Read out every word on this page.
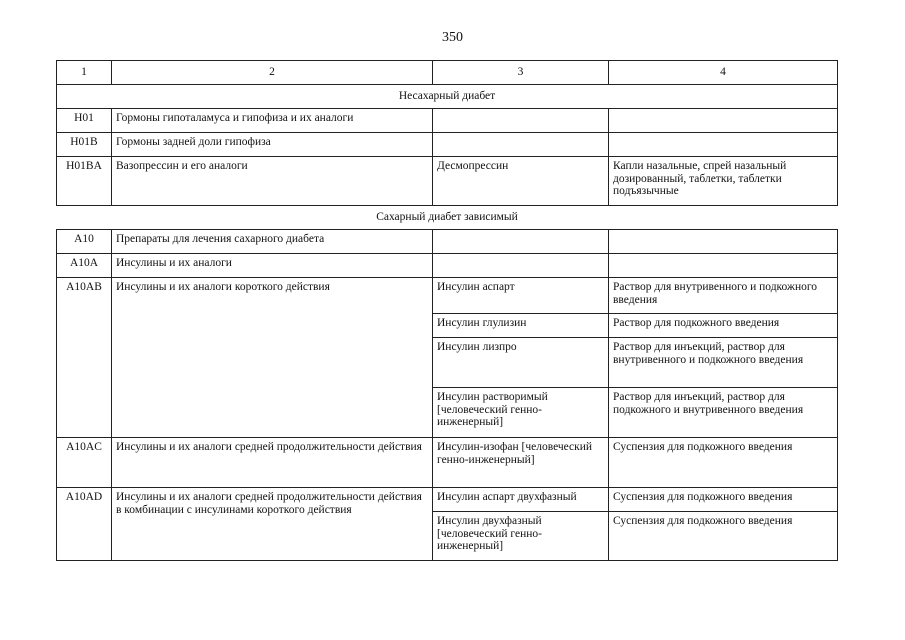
350
1	2	3	4
Несахарный диабет			
H01	Гормоны гипоталамуса и гипофиза и их аналоги		
H01B	Гормоны задней доли гипофиза		
H01BA	Вазопрессин и его аналоги	Десмопрессин	Капли назальные, спрей назальный дозированный, таблетки, таблетки подъязычные
Сахарный диабет зависимый			
A10	Препараты для лечения сахарного диабета		
A10A	Инсулины и их аналоги		
A10AB	Инсулины и их аналоги короткого действия	Инсулин аспарт	Раствор для внутривенного и подкожного введения
		Инсулин глулизин	Раствор для подкожного введения
		Инсулин лизпро	Раствор для инъекций, раствор для внутривенного и подкожного введения
		Инсулин растворимый [человеческий генно-инженерный]	Раствор для инъекций, раствор для подкожного и внутривенного введения
A10AC	Инсулины и их аналоги средней продолжительности действия	Инсулин-изофан [человеческий генно-инженерный]	Суспензия для подкожного введения
A10AD	Инсулины и их аналоги средней продолжительности действия в комбинации с инсулинами короткого действия	Инсулин аспарт двухфазный	Суспензия для подкожного введения
		Инсулин двухфазный [человеческий генно-инженерный]	Суспензия для подкожного введения
